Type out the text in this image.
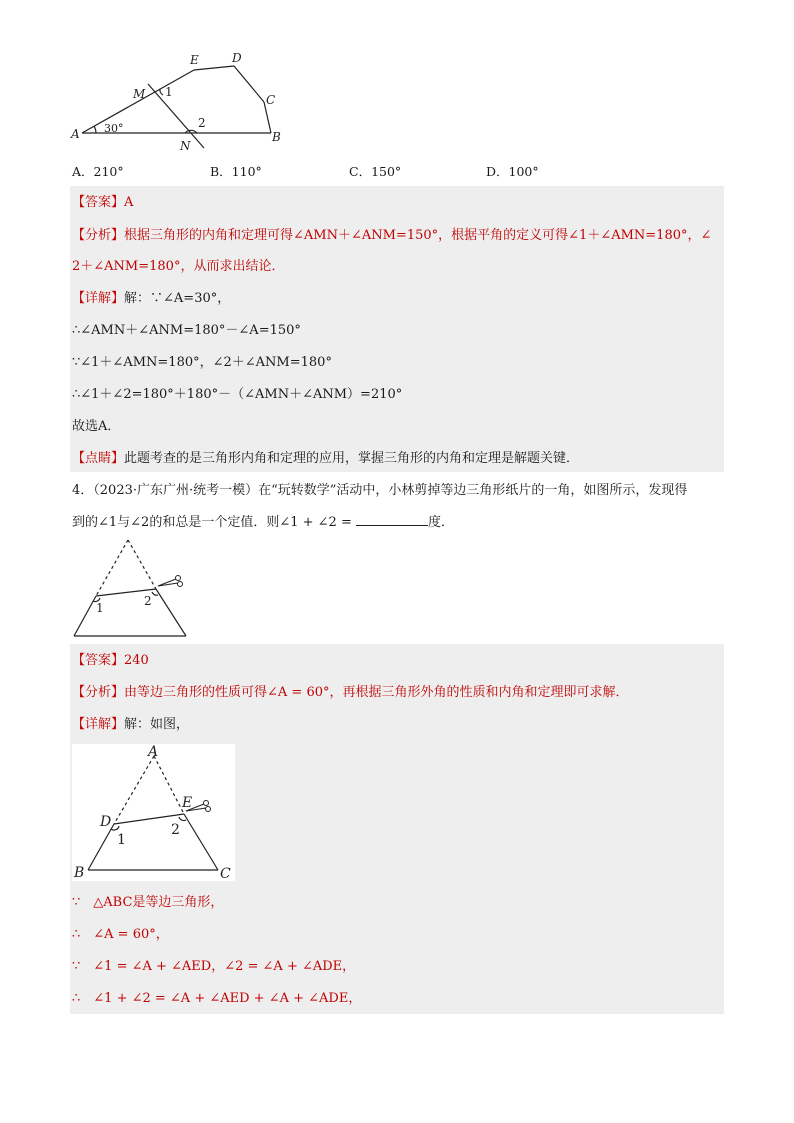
A	B
C
D
E
M
N
1
2
30°
A．210°	B．110°	C．150°	D．100°
【答案】A
【分析】根据三角形的内角和定理可得∠AMN＋∠ANM=150°，根据平角的定义可得∠1＋∠AMN=180°，∠
2＋∠ANM=180°，从而求出结论．
【详解】解：∵∠A=30°，
∴∠AMN＋∠ANM=180°－∠A=150°
∵∠1＋∠AMN=180°，∠2＋∠ANM=180°
∴∠1＋∠2=180°＋180°－（∠AMN＋∠ANM）=210°
故选A．
【点睛】此题考查的是三角形内角和定理的应用，掌握三角形的内角和定理是解题关键．
4．（2023·广东广州·统考一模）在“玩转数学”活动中，小林剪掉等边三角形纸片的一角，如图所示，发现得
到的∠1与∠2的和总是一个定值．则∠1 + ∠2 =	度．
1	2
【答案】240
【分析】由等边三角形的性质可得∠A = 60°，再根据三角形外角的性质和内角和定理即可求解．
【详解】解：如图，
A
B	C
D
E
1
2
∵　△ABC是等边三角形，
∴　∠A = 60°，
∵　∠1 = ∠A + ∠AED，∠2 = ∠A + ∠ADE，
∴　∠1 + ∠2 = ∠A + ∠AED + ∠A + ∠ADE，
